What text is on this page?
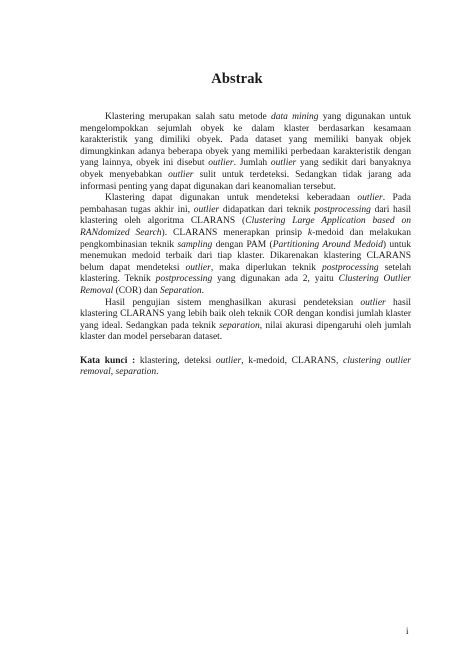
Abstrak

Klastering merupakan salah satu metode data mining yang digunakan untuk mengelompokkan sejumlah obyek ke dalam klaster berdasarkan kesamaan karakteristik yang dimiliki obyek. Pada dataset yang memiliki banyak objek dimungkinkan adanya beberapa obyek yang memiliki perbedaan karakteristik dengan yang lainnya, obyek ini disebut outlier. Jumlah outlier yang sedikit dari banyaknya obyek menyebabkan outlier sulit untuk terdeteksi. Sedangkan tidak jarang ada informasi penting yang dapat digunakan dari keanomalian tersebut.

Klastering dapat digunakan untuk mendeteksi keberadaan outlier. Pada pembahasan tugas akhir ini, outlier didapatkan dari teknik postprocessing dari hasil klastering oleh algoritma CLARANS (Clustering Large Application based on RANdomized Search). CLARANS menerapkan prinsip k-medoid dan melakukan pengkombinasian teknik sampling dengan PAM (Partitioning Around Medoid) untuk menemukan medoid terbaik dari tiap klaster. Dikarenakan klastering CLARANS belum dapat mendeteksi outlier, maka diperlukan teknik postprocessing setelah klastering. Teknik postprocessing yang digunakan ada 2, yaitu Clustering Outlier Removal (COR) dan Separation.

Hasil pengujian sistem menghasilkan akurasi pendeteksian outlier hasil klastering CLARANS yang lebih baik oleh teknik COR dengan kondisi jumlah klaster yang ideal. Sedangkan pada teknik separation, nilai akurasi dipengaruhi oleh jumlah klaster dan model persebaran dataset.

Kata kunci : klastering, deteksi outlier, k-medoid, CLARANS, clustering outlier removal, separation.

i
